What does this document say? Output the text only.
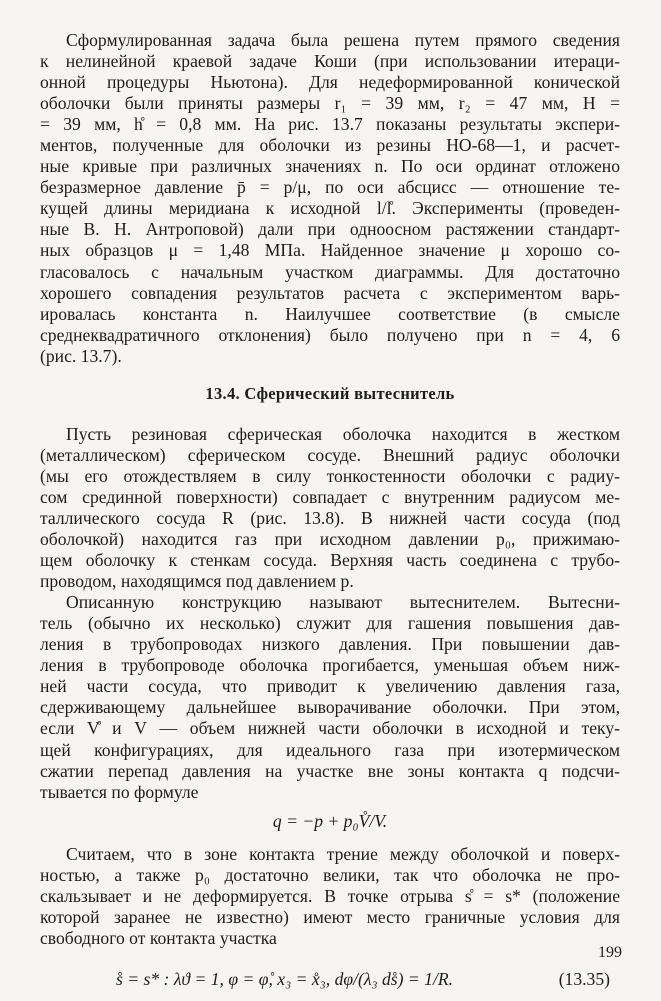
Сформулированная задача была решена путем прямого сведения
к нелинейной краевой задаче Коши (при использовании итераци-
онной процедуры Ньютона). Для недеформированной конической
оболочки были приняты размеры r₁ = 39 мм, r₂ = 47 мм, H =
= 39 мм, h̊ = 0,8 мм. На рис. 13.7 показаны результаты экспери-
ментов, полученные для оболочки из резины НО-68—1, и расчет-
ные кривые при различных значениях n. По оси ординат отложено
безразмерное давление p̄ = p/μ, по оси абсцисс — отношение те-
кущей длины меридиана к исходной l/l̊. Эксперименты (проведен-
ные В. Н. Антроповой) дали при одноосном растяжении стандарт-
ных образцов μ = 1,48 МПа. Найденное значение μ хорошо со-
гласовалось с начальным участком диаграммы. Для достаточно
хорошего совпадения результатов расчета с экспериментом варь-
ировалась константа n. Наилучшее соответствие (в смысле
среднеквадратичного отклонения) было получено при n = 4, 6
(рис. 13.7).

13.4. Сферический вытеснитель

Пусть резиновая сферическая оболочка находится в жестком
(металлическом) сферическом сосуде. Внешний радиус оболочки
(мы его отождествляем в силу тонкостенности оболочки с радиу-
сом срединной поверхности) совпадает с внутренним радиусом ме-
таллического сосуда R (рис. 13.8). В нижней части сосуда (под
оболочкой) находится газ при исходном давлении p₀, прижимаю-
щем оболочку к стенкам сосуда. Верхняя часть соединена с трубо-
проводом, находящимся под давлением p.

Описанную конструкцию называют вытеснителем. Вытесни-
тель (обычно их несколько) служит для гашения повышения дав-
ления в трубопроводах низкого давления. При повышении дав-
ления в трубопроводе оболочка прогибается, уменьшая объем ниж-
ней части сосуда, что приводит к увеличению давления газа,
сдерживающему дальнейшее выворачивание оболочки. При этом,
если V̊ и V — объем нижней части оболочки в исходной и теку-
щей конфигурациях, для идеального газа при изотермическом
сжатии перепад давления на участке вне зоны контакта q подсчи-
тывается по формуле

q = −p + p₀V̊/V.

Считаем, что в зоне контакта трение между оболочкой и поверх-
ностью, а также p₀ достаточно велики, так что оболочка не про-
скальзывает и не деформируется. В точке отрыва s̊ = s* (положение
которой заранее не известно) имеют место граничные условия для
свободного от контакта участка

s̊ = s* : λϑ = 1, φ = φ̊, x₃ = x̊₃, dφ/(λ₃ ds̊) = 1/R.	(13.35)
199
